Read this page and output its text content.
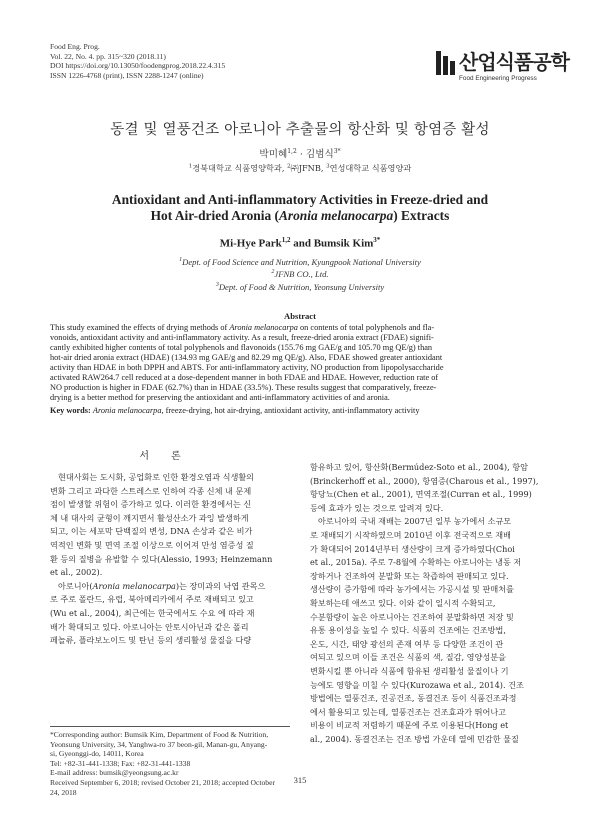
Food Eng. Prog.
Vol. 22, No. 4. pp. 315~320 (2018.11)
DOI https://doi.org/10.13050/foodengprog.2018.22.4.315
ISSN 1226-4768 (print), ISSN 2288-1247 (online)
산업식품공학
Food Engineering Progress
동결 및 열풍건조 아로니아 추출물의 항산화 및 항염증 활성
박미혜$^{1,2}$ · 김범식$^{3*}$
$^1$경북대학교 식품영양학과, $^2$㈜JFNB, $^3$연성대학교 식품영양과
Antioxidant and Anti-inflammatory Activities in Freeze-dried and
Hot Air-dried Aronia (Aronia melanocarpa) Extracts
Mi-Hye Park$^{1,2}$ and Bumsik Kim$^{3*}$
$^1$Dept. of Food Science and Nutrition, Kyungpook National University
$^2$JFNB CO., Ltd.
$^3$Dept. of Food & Nutrition, Yeonsung University
Abstract
This study examined the effects of drying methods of Aronia melanocarpa on contents of total polyphenols and fla-
vonoids, antioxidant activity and anti-inflammatory activity. As a result, freeze-dried aronia extract (FDAE) signifi-
cantly exhibited higher contents of total polyphenols and flavonoids (155.76 mg GAE/g and 105.70 mg QE/g) than
hot-air dried aronia extract (HDAE) (134.93 mg GAE/g and 82.29 mg QE/g). Also, FDAE showed greater antioxidant
activity than HDAE in both DPPH and ABTS. For anti-inflammatory activity, NO production from lipopolysaccharide
activated RAW264.7 cell reduced at a dose-dependent manner in both FDAE and HDAE. However, reduction rate of
NO production is higher in FDAE (62.7%) than in HDAE (33.5%). These results suggest that comparatively, freeze-
drying is a better method for preserving the antioxidant and anti-inflammatory activities of and aronia.
Key words: Aronia melanocarpa, freeze-drying, hot air-drying, antioxidant activity, anti-inflammatory activity
서론
현대사회는 도시화, 공업화로 인한 환경오염과 식생활의
변화 그리고 과다한 스트레스로 인하여 각종 신체 내 문제
점이 발생할 위험이 증가하고 있다. 이러한 환경에서는 신
체 내 대사의 균형이 깨지면서 활성산소가 과잉 발생하게
되고, 이는 세포막 단백질의 변성, DNA 손상과 같은 비가
역적인 변화 및 면역 조절 이상으로 이어져 만성 염증성 질
환 등의 질병을 유발할 수 있다(Alessio, 1993; Heinzemann
et al., 2002).
아로니아(Aronia melanocarpa)는 장미과의 낙엽 관목으
로 주로 폴란드, 유럽, 북아메리카에서 주로 재배되고 있고
(Wu et al., 2004), 최근에는 한국에서도 수요 에 따라 재
배가 확대되고 있다. 아로니아는 안토시아닌과 같은 폴리
페놀류, 플라보노이드 및 탄닌 등의 생리활성 물질을 다량
함유하고 있어, 항산화(Bermúdez-Soto et al., 2004), 항암
(Brinckerhoff et al., 2000), 항염증(Charous et al., 1997),
항당뇨(Chen et al., 2001), 면역조절(Curran et al., 1999)
등에 효과가 있는 것으로 알려져 있다.
아로니아의 국내 재배는 2007년 일부 농가에서 소규모
로 재배되기 시작하였으며 2010년 이후 전국적으로 재배
가 확대되어 2014년부터 생산량이 크게 증가하였다(Choi
et al., 2015a). 주로 7-8월에 수확하는 아로니아는 냉동 저
장하거나 건조하여 분말화 또는 착즙하여 판매되고 있다.
생산량이 증가함에 따라 농가에서는 가공시설 및 판매처를
확보하는데 애쓰고 있다. 이와 같이 일시적 수확되고,
수분함량이 높은 아로니아는 건조하여 분말화하면 저장 및
유통 용이성을 높일 수 있다. 식품의 건조에는 건조방법,
온도, 시간, 태양 광선의 존재 여부 등 다양한 조건이 관
여되고 있으며 이들 조건은 식품의 색, 질감, 영양성분을
변화시킬 뿐 아니라 식품에 함유된 생리활성 물질이나 기
능에도 영향을 미칠 수 있다(Kurozawa et al., 2014). 건조
방법에는 열풍건조, 진공건조, 동결건조 등이 식품건조과정
에서 활용되고 있는데, 열풍건조는 건조효과가 뛰어나고
비용이 비교적 저렴하기 때문에 주로 이용된다(Hong et
al., 2004). 동결건조는 건조 방법 가운데 열에 민감한 물질
*Corresponding author: Bumsik Kim, Department of Food & Nutrition,
Yeonsung University, 34, Yanghwa-ro 37 beon-gil, Manan-gu, Anyang-
si, Gyeonggi-do, 14011, Korea
Tel: +82-31-441-1338; Fax: +82-31-441-1338
E-mail address: bumsik@yeongsung.ac.kr
Received September 6, 2018; revised October 21, 2018; accepted October
24, 2018
315
